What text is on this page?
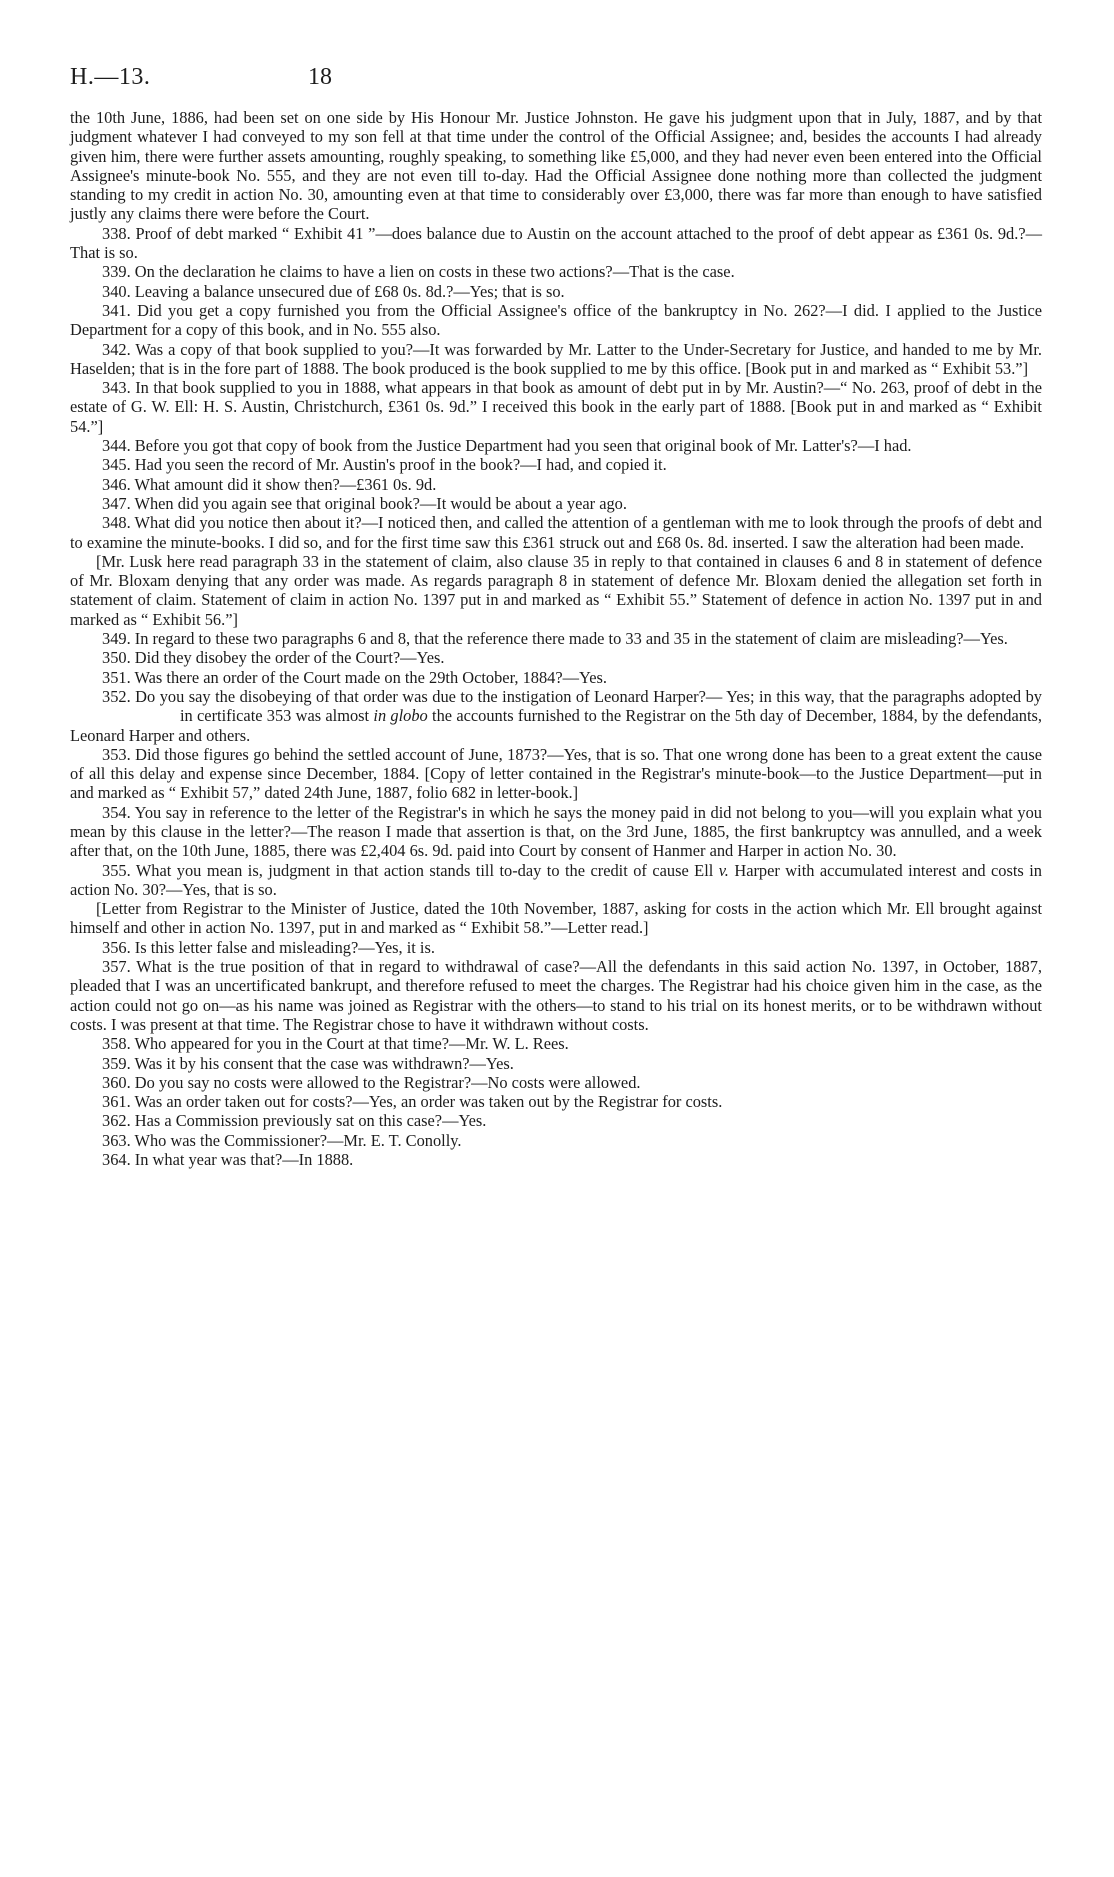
H.—13.	18

the 10th June, 1886, had been set on one side by His Honour Mr. Justice Johnston. He gave his judgment upon that in July, 1887, and by that judgment whatever I had conveyed to my son fell at that time under the control of the Official Assignee; and, besides the accounts I had already given him, there were further assets amounting, roughly speaking, to something like £5,000, and they had never even been entered into the Official Assignee's minute-book No. 555, and they are not even till to-day. Had the Official Assignee done nothing more than collected the judgment standing to my credit in action No. 30, amounting even at that time to considerably over £3,000, there was far more than enough to have satisfied justly any claims there were before the Court.

338. Proof of debt marked “ Exhibit 41 ”—does balance due to Austin on the account attached to the proof of debt appear as £361 0s. 9d.?—That is so.

339. On the declaration he claims to have a lien on costs in these two actions?—That is the case.

340. Leaving a balance unsecured due of £68 0s. 8d.?—Yes; that is so.

341. Did you get a copy furnished you from the Official Assignee's office of the bankruptcy in No. 262?—I did. I applied to the Justice Department for a copy of this book, and in No. 555 also.

342. Was a copy of that book supplied to you?—It was forwarded by Mr. Latter to the Under-Secretary for Justice, and handed to me by Mr. Haselden; that is in the fore part of 1888. The book produced is the book supplied to me by this office. [Book put in and marked as “ Exhibit 53.”]

343. In that book supplied to you in 1888, what appears in that book as amount of debt put in by Mr. Austin?—“ No. 263, proof of debt in the estate of G. W. Ell: H. S. Austin, Christchurch, £361 0s. 9d.” I received this book in the early part of 1888. [Book put in and marked as “ Exhibit 54.”]

344. Before you got that copy of book from the Justice Department had you seen that original book of Mr. Latter's?—I had.

345. Had you seen the record of Mr. Austin's proof in the book?—I had, and copied it.

346. What amount did it show then?—£361 0s. 9d.

347. When did you again see that original book?—It would be about a year ago.

348. What did you notice then about it?—I noticed then, and called the attention of a gentleman with me to look through the proofs of debt and to examine the minute-books. I did so, and for the first time saw this £361 struck out and £68 0s. 8d. inserted. I saw the alteration had been made.

[Mr. Lusk here read paragraph 33 in the statement of claim, also clause 35 in reply to that contained in clauses 6 and 8 in statement of defence of Mr. Bloxam denying that any order was made. As regards paragraph 8 in statement of defence Mr. Bloxam denied the allegation set forth in statement of claim. Statement of claim in action No. 1397 put in and marked as “ Exhibit 55.” Statement of defence in action No. 1397 put in and marked as “ Exhibit 56.”]

349. In regard to these two paragraphs 6 and 8, that the reference there made to 33 and 35 in the statement of claim are misleading?—Yes.

350. Did they disobey the order of the Court?—Yes.

351. Was there an order of the Court made on the 29th October, 1884?—Yes.

352. Do you say the disobeying of that order was due to the instigation of Leonard Harper?— Yes; in this way, that the paragraphs adopted byin certificate 353 was almost in globo the accounts furnished to the Registrar on the 5th day of December, 1884, by the defendants, Leonard Harper and others.

353. Did those figures go behind the settled account of June, 1873?—Yes, that is so. That one wrong done has been to a great extent the cause of all this delay and expense since December, 1884. [Copy of letter contained in the Registrar's minute-book—to the Justice Department—put in and marked as “ Exhibit 57,” dated 24th June, 1887, folio 682 in letter-book.]

354. You say in reference to the letter of the Registrar's in which he says the money paid in did not belong to you—will you explain what you mean by this clause in the letter?—The reason I made that assertion is that, on the 3rd June, 1885, the first bankruptcy was annulled, and a week after that, on the 10th June, 1885, there was £2,404 6s. 9d. paid into Court by consent of Hanmer and Harper in action No. 30.

355. What you mean is, judgment in that action stands till to-day to the credit of cause Ell v. Harper with accumulated interest and costs in action No. 30?—Yes, that is so.

[Letter from Registrar to the Minister of Justice, dated the 10th November, 1887, asking for costs in the action which Mr. Ell brought against himself and other in action No. 1397, put in and marked as “ Exhibit 58.”—Letter read.]

356. Is this letter false and misleading?—Yes, it is.

357. What is the true position of that in regard to withdrawal of case?—All the defendants in this said action No. 1397, in October, 1887, pleaded that I was an uncertificated bankrupt, and therefore refused to meet the charges. The Registrar had his choice given him in the case, as the action could not go on—as his name was joined as Registrar with the others—to stand to his trial on its honest merits, or to be withdrawn without costs. I was present at that time. The Registrar chose to have it withdrawn without costs.

358. Who appeared for you in the Court at that time?—Mr. W. L. Rees.

359. Was it by his consent that the case was withdrawn?—Yes.

360. Do you say no costs were allowed to the Registrar?—No costs were allowed.

361. Was an order taken out for costs?—Yes, an order was taken out by the Registrar for costs.

362. Has a Commission previously sat on this case?—Yes.

363. Who was the Commissioner?—Mr. E. T. Conolly.

364. In what year was that?—In 1888.
